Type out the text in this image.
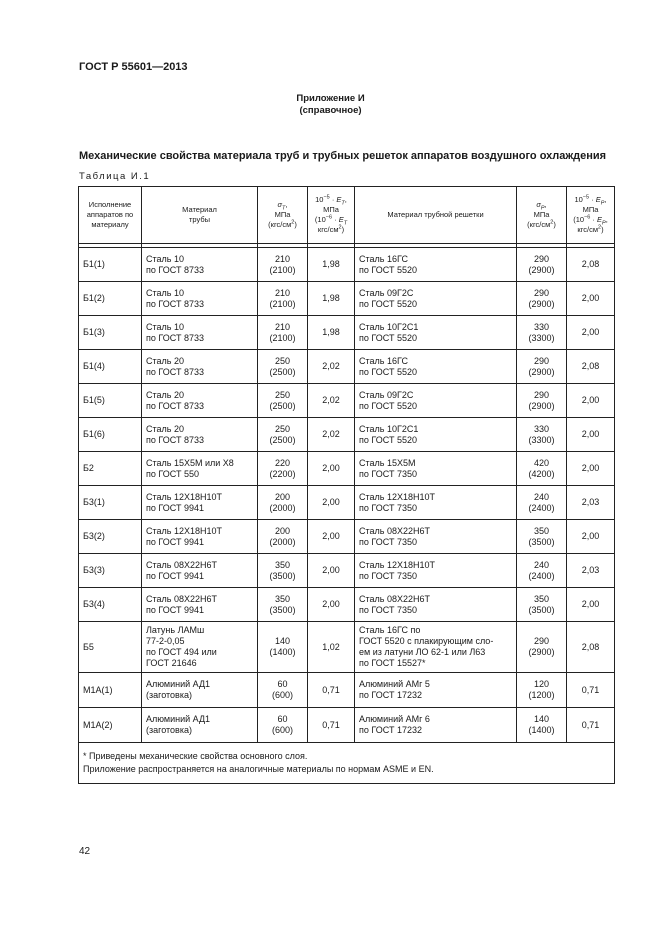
ГОСТ Р 55601—2013
Приложение И
(справочное)
Механические свойства материала труб и трубных решеток аппаратов воздушного охлаждения
Таблица И.1
Исполнение
аппаратов по
материалу	Материал
трубы	$\sigma_T$,
МПа
$(кгс/см^2)$	$10^{-5} \cdot E_T$,
МПа
($10^{-6} \cdot E_T$
кгс/$см^2$)	Материал трубной решетки	$\sigma_P$,
МПа
$(кгс/см^2)$	$10^{-5} \cdot E_P$,
МПа
($10^{-6} \cdot E_P$,
кгс/$см^2$)

Б1(1)	Сталь 10
по ГОСТ 8733	210
(2100)	1,98	Сталь 16ГС
по ГОСТ 5520	290
(2900)	2,08
Б1(2)	Сталь 10
по ГОСТ 8733	210
(2100)	1,98	Сталь 09Г2С
по ГОСТ 5520	290
(2900)	2,00
Б1(3)	Сталь 10
по ГОСТ 8733	210
(2100)	1,98	Сталь 10Г2С1
по ГОСТ 5520	330
(3300)	2,00
Б1(4)	Сталь 20
по ГОСТ 8733	250
(2500)	2,02	Сталь 16ГС
по ГОСТ 5520	290
(2900)	2,08
Б1(5)	Сталь 20
по ГОСТ 8733	250
(2500)	2,02	Сталь 09Г2С
по ГОСТ 5520	290
(2900)	2,00
Б1(6)	Сталь 20
по ГОСТ 8733	250
(2500)	2,02	Сталь 10Г2С1
по ГОСТ 5520	330
(3300)	2,00
Б2	Сталь 15Х5М или Х8
по ГОСТ 550	220
(2200)	2,00	Сталь 15Х5М
по ГОСТ 7350	420
(4200)	2,00
Б3(1)	Сталь 12Х18Н10Т
по ГОСТ 9941	200
(2000)	2,00	Сталь 12Х18Н10Т
по ГОСТ 7350	240
(2400)	2,03
Б3(2)	Сталь 12Х18Н10Т
по ГОСТ 9941	200
(2000)	2,00	Сталь 08Х22Н6Т
по ГОСТ 7350	350
(3500)	2,00
Б3(3)	Сталь 08Х22Н6Т
по ГОСТ 9941	350
(3500)	2,00	Сталь 12Х18Н10Т
по ГОСТ 7350	240
(2400)	2,03
Б3(4)	Сталь 08Х22Н6Т
по ГОСТ 9941	350
(3500)	2,00	Сталь 08Х22Н6Т
по ГОСТ 7350	350
(3500)	2,00
Б5	Латунь ЛАМш
77-2-0,05
по ГОСТ 494 или
ГОСТ 21646	140
(1400)	1,02	Сталь 16ГС по
ГОСТ 5520 с плакирующим сло-
ем из латуни ЛО 62-1 или Л63
по ГОСТ 15527*	290
(2900)	2,08
М1А(1)	Алюминий АД1
(заготовка)	60
(600)	0,71	Алюминий АМг 5
по ГОСТ 17232	120
(1200)	0,71
М1А(2)	Алюминий АД1
(заготовка)	60
(600)	0,71	Алюминий АМг 6
по ГОСТ 17232	140
(1400)	0,71
* Приведены механические свойства основного слоя.
Приложение распространяется на аналогичные материалы по нормам ASME и EN.						
42
